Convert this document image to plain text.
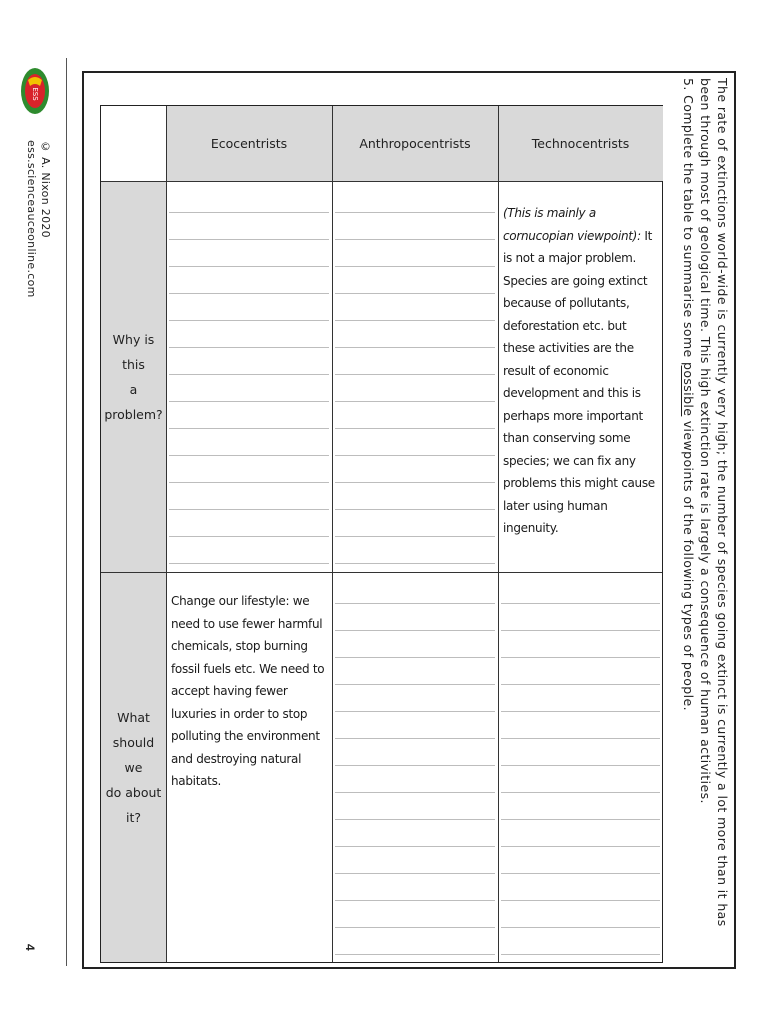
ESS
© A. Nixon 2020
ess.scienceauceonline.com
4

The rate of extinctions world-wide is currently very high; the number of species going extinct is currently a lot more than it has been through most of geological time. This high extinction rate is largely a consequence of human activities.

5. Complete the table to summarise some possible viewpoints of the following types of people.

Ecocentrists	Anthropocentrists	Technocentrists
Why is this
a
problem?
What
should we
do about
it?
(This is mainly a cornucopian viewpoint): It is not a major problem. Species are going extinct because of pollutants, deforestation etc. but these activities are the result of economic development and this is perhaps more important than conserving some species; we can fix any problems this might cause later using human ingenuity.
Change our lifestyle: we need to use fewer harmful chemicals, stop burning fossil fuels etc. We need to accept having fewer luxuries in order to stop polluting the environment and destroying natural habitats.
